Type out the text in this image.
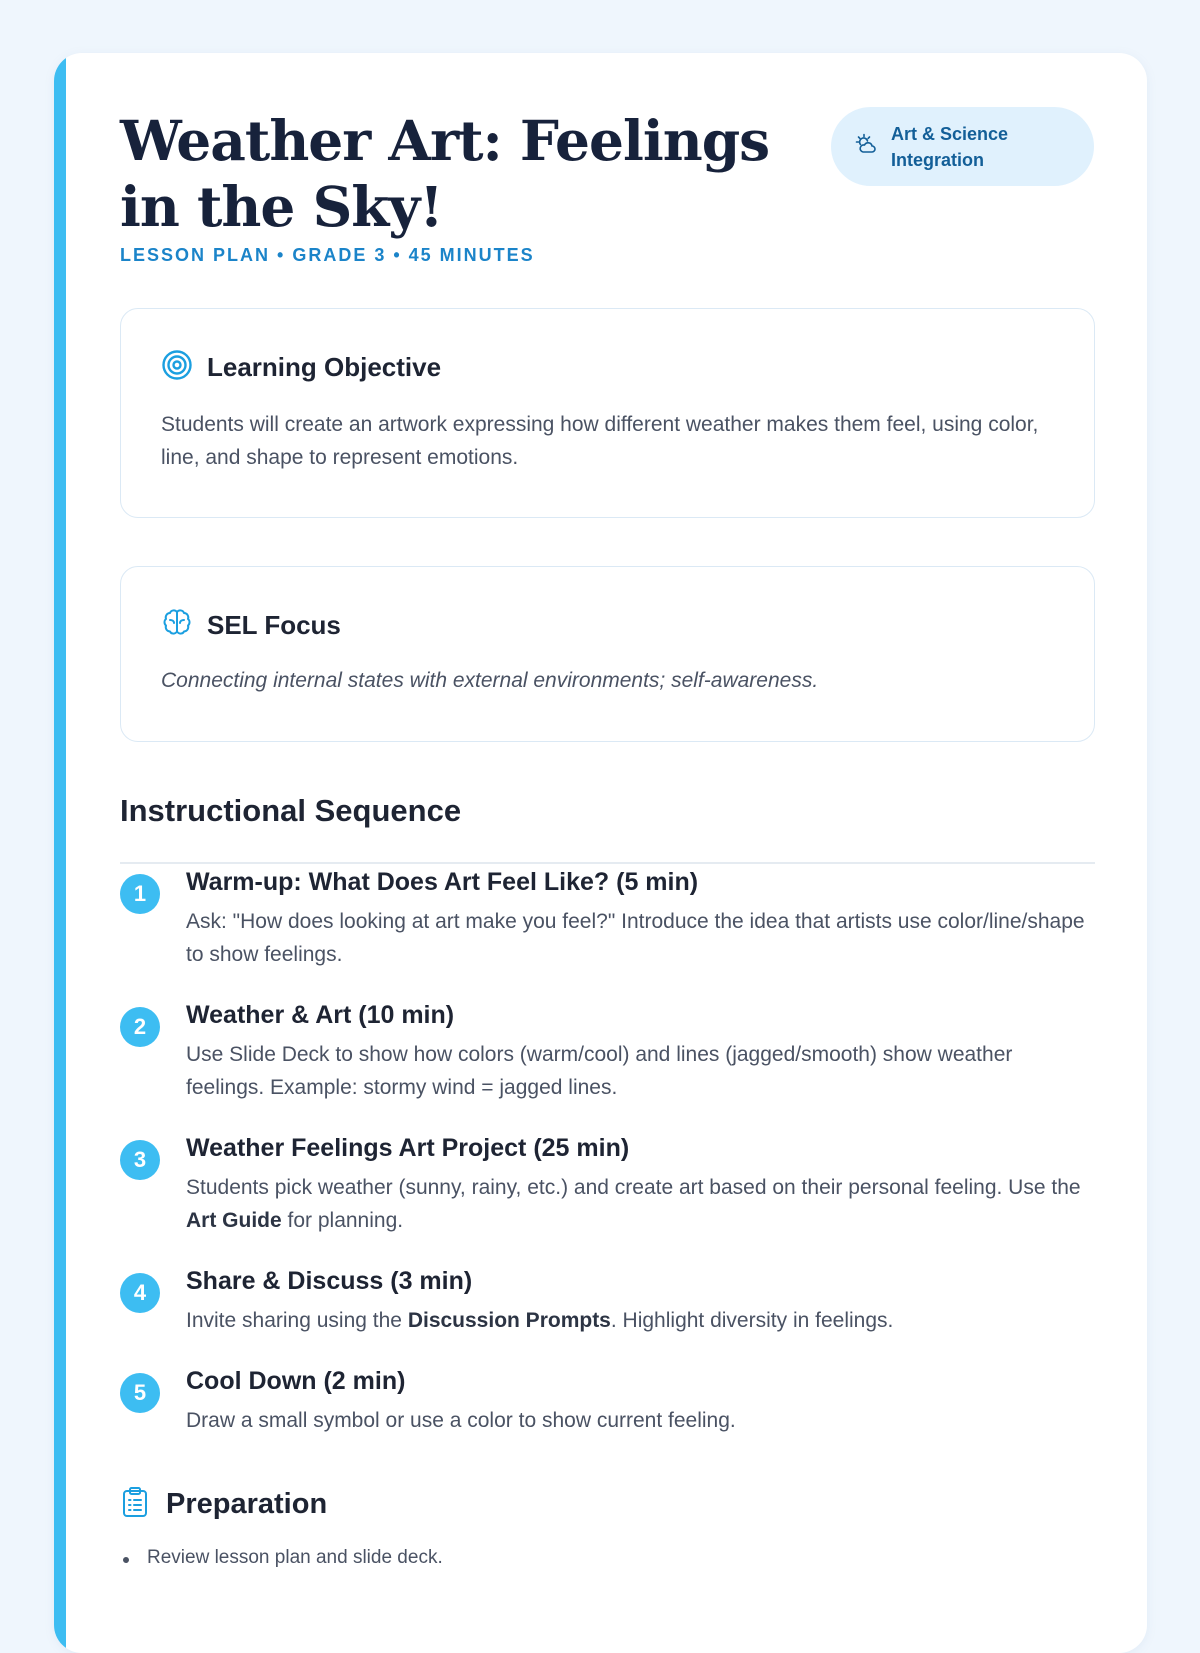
Weather Art: Feelings in the Sky!
LESSON PLAN • GRADE 3 • 45 MINUTES
Art & Science Integration
Learning Objective
Students will create an artwork expressing how different weather makes them feel, using color, line, and shape to represent emotions.
SEL Focus
Connecting internal states with external environments; self-awareness.
Instructional Sequence
1	Warm-up: What Does Art Feel Like? (5 min)
Ask: "How does looking at art make you feel?" Introduce the idea that artists use color/line/shape to show feelings.
2	Weather & Art (10 min)
Use Slide Deck to show how colors (warm/cool) and lines (jagged/smooth) show weather feelings. Example: stormy wind = jagged lines.
3	Weather Feelings Art Project (25 min)
Students pick weather (sunny, rainy, etc.) and create art based on their personal feeling. Use the Art Guide for planning.
4	Share & Discuss (3 min)
Invite sharing using the Discussion Prompts. Highlight diversity in feelings.
5	Cool Down (2 min)
Draw a small symbol or use a color to show current feeling.
Preparation
Review lesson plan and slide deck.
